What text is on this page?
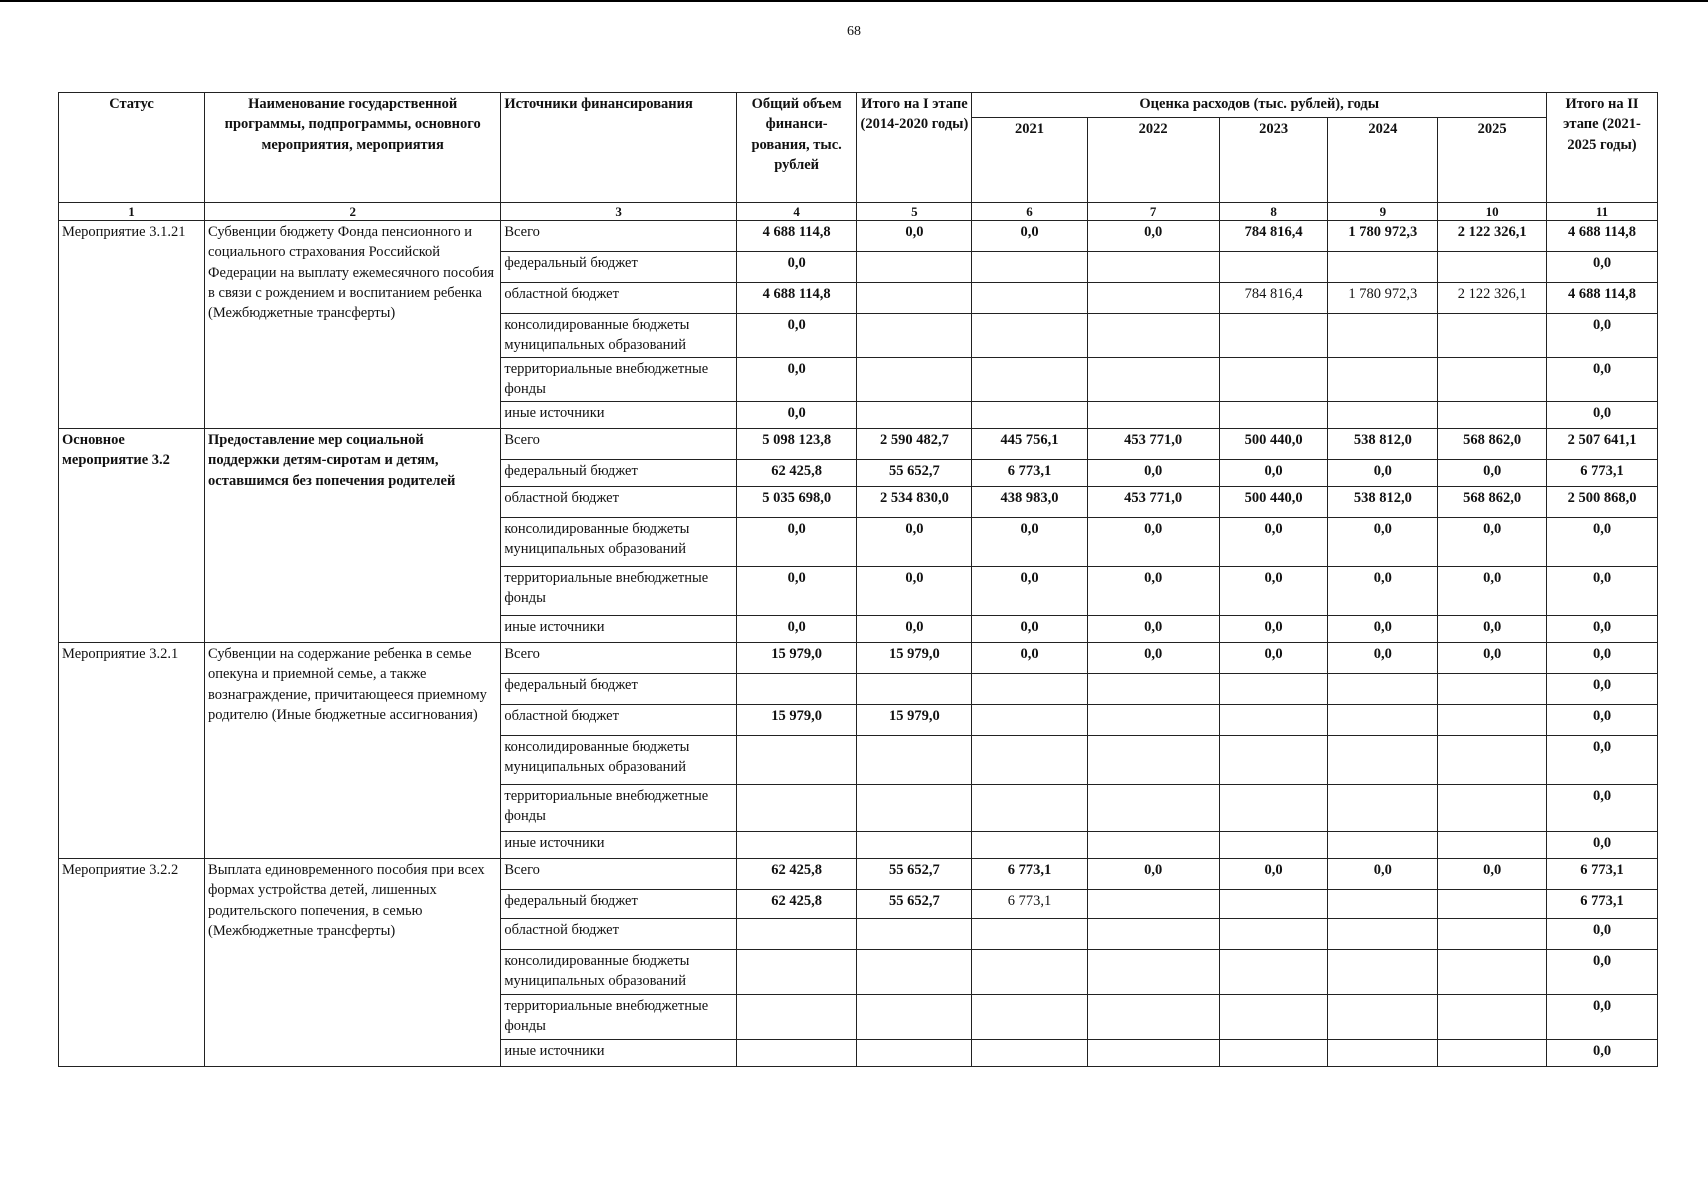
68
Статус	Наименование государственной программы, подпрограммы, основного мероприятия, мероприятия	Источники финансирования	Общий объем финанси-рования, тыс. рублей	Итого на I этапе (2014-2020 годы)	Оценка расходов (тыс. рублей), годы					Итого на II этапе (2021-2025 годы)
					2021	2022	2023	2024	2025	
1	2	3	4	5	6	7	8	9	10	11
Мероприятие 3.1.21	Субвенции бюджету Фонда пенсионного и социального страхования Российской Федерации на выплату ежемесячного пособия в связи с рождением и воспитанием ребенка (Межбюджетные трансферты)	Всего	4 688 114,8	0,0	0,0	0,0	784 816,4	1 780 972,3	2 122 326,1	4 688 114,8
		федеральный бюджет	0,0							0,0
		областной бюджет	4 688 114,8				784 816,4	1 780 972,3	2 122 326,1	4 688 114,8
		консолидированные бюджеты муниципальных образований	0,0							0,0
		территориальные внебюджетные фонды	0,0							0,0
		иные источники	0,0							0,0
Основное мероприятие 3.2	Предоставление мер социальной поддержки детям-сиротам и детям, оставшимся без попечения родителей	Всего	5 098 123,8	2 590 482,7	445 756,1	453 771,0	500 440,0	538 812,0	568 862,0	2 507 641,1
		федеральный бюджет	62 425,8	55 652,7	6 773,1	0,0	0,0	0,0	0,0	6 773,1
		областной бюджет	5 035 698,0	2 534 830,0	438 983,0	453 771,0	500 440,0	538 812,0	568 862,0	2 500 868,0
		консолидированные бюджеты муниципальных образований	0,0	0,0	0,0	0,0	0,0	0,0	0,0	0,0
		территориальные внебюджетные фонды	0,0	0,0	0,0	0,0	0,0	0,0	0,0	0,0
		иные источники	0,0	0,0	0,0	0,0	0,0	0,0	0,0	0,0
Мероприятие 3.2.1	Субвенции на содержание ребенка в семье опекуна и приемной семье, а также вознаграждение, причитающееся приемному родителю (Иные бюджетные ассигнования)	Всего	15 979,0	15 979,0	0,0	0,0	0,0	0,0	0,0	0,0
		федеральный бюджет								0,0
		областной бюджет	15 979,0	15 979,0						0,0
		консолидированные бюджеты муниципальных образований								0,0
		территориальные внебюджетные фонды								0,0
		иные источники								0,0
Мероприятие 3.2.2	Выплата единовременного пособия при всех формах устройства детей, лишенных родительского попечения, в семью (Межбюджетные трансферты)	Всего	62 425,8	55 652,7	6 773,1	0,0	0,0	0,0	0,0	6 773,1
		федеральный бюджет	62 425,8	55 652,7	6 773,1					6 773,1
		областной бюджет								0,0
		консолидированные бюджеты муниципальных образований								0,0
		территориальные внебюджетные фонды								0,0
		иные источники								0,0
